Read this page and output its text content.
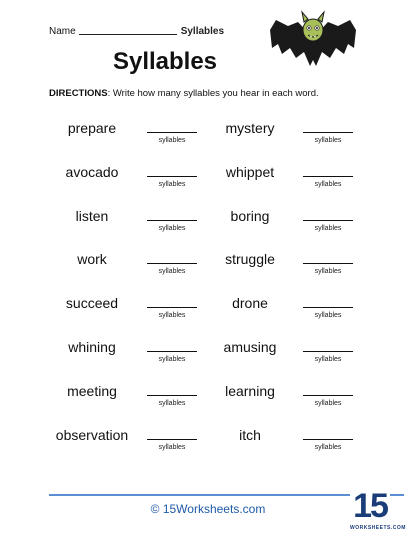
Name	Syllables
Syllables
DIRECTIONS: Write how many syllables you hear in each word.
prepare
syllables
avocado
syllables
listen
syllables
work
syllables
succeed
syllables
whining
syllables
meeting
syllables
observation
syllables
mystery
syllables
whippet
syllables
boring
syllables
struggle
syllables
drone
syllables
amusing
syllables
learning
syllables
itch
syllables
© 15Worksheets.com	15
WORKSHEETS.COM
